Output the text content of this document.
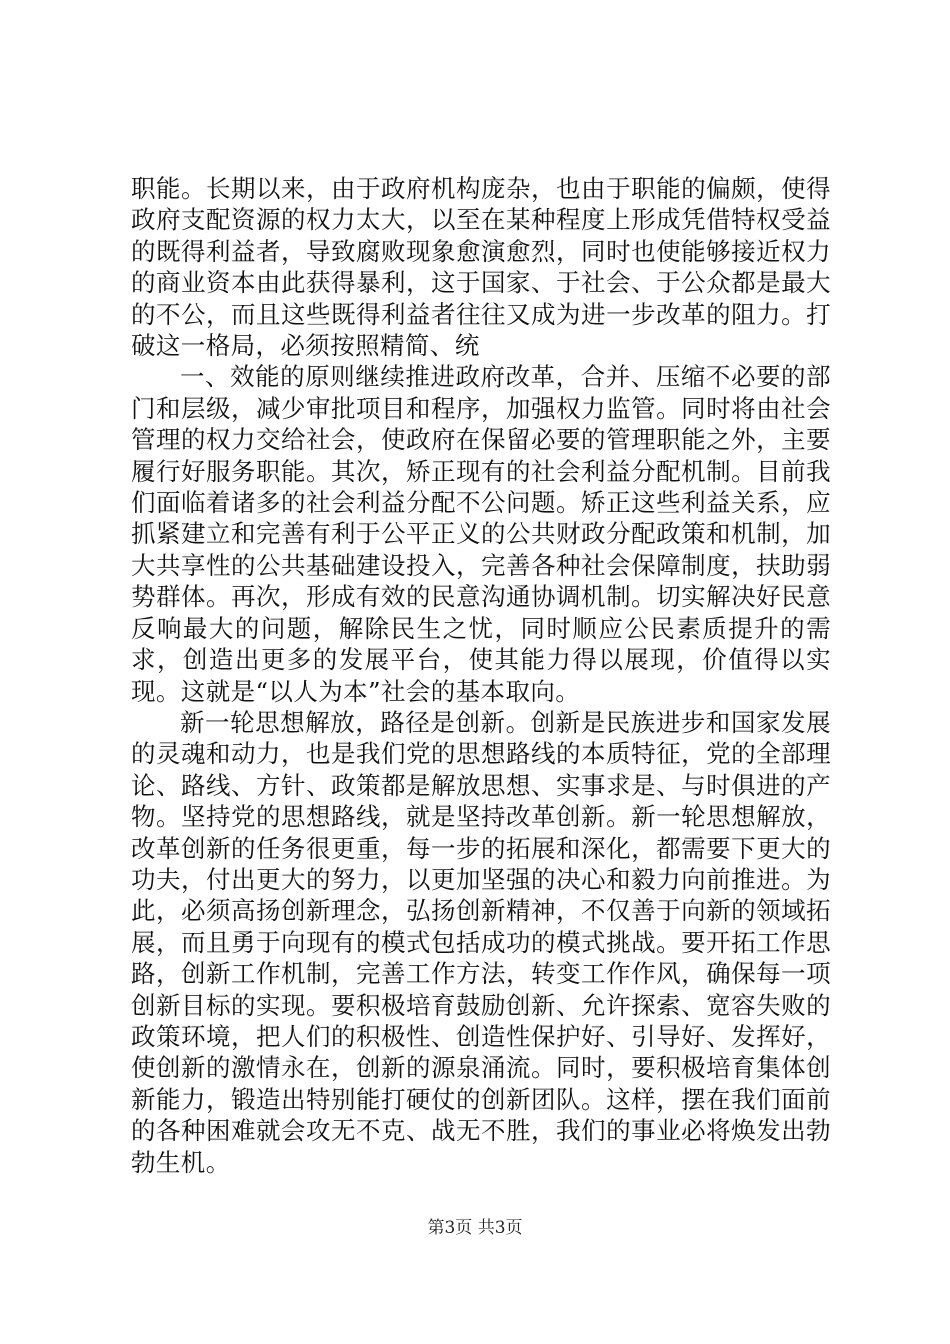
职能。长期以来，由于政府机构庞杂，也由于职能的偏颇，使得政府支配资源的权力太大，以至在某种程度上形成凭借特权受益的既得利益者，导致腐败现象愈演愈烈，同时也使能够接近权力的商业资本由此获得暴利，这于国家、于社会、于公众都是最大的不公，而且这些既得利益者往往又成为进一步改革的阻力。打破这一格局，必须按照精简、统

一、效能的原则继续推进政府改革，合并、压缩不必要的部门和层级，减少审批项目和程序，加强权力监管。同时将由社会管理的权力交给社会，使政府在保留必要的管理职能之外，主要履行好服务职能。其次，矫正现有的社会利益分配机制。目前我们面临着诸多的社会利益分配不公问题。矫正这些利益关系，应抓紧建立和完善有利于公平正义的公共财政分配政策和机制，加大共享性的公共基础建设投入，完善各种社会保障制度，扶助弱势群体。再次，形成有效的民意沟通协调机制。切实解决好民意反响最大的问题，解除民生之忧，同时顺应公民素质提升的需求，创造出更多的发展平台，使其能力得以展现，价值得以实现。这就是“以人为本”社会的基本取向。

新一轮思想解放，路径是创新。创新是民族进步和国家发展的灵魂和动力，也是我们党的思想路线的本质特征，党的全部理论、路线、方针、政策都是解放思想、实事求是、与时俱进的产物。坚持党的思想路线，就是坚持改革创新。新一轮思想解放，改革创新的任务很更重，每一步的拓展和深化，都需要下更大的功夫，付出更大的努力，以更加坚强的决心和毅力向前推进。为此，必须高扬创新理念，弘扬创新精神，不仅善于向新的领域拓展，而且勇于向现有的模式包括成功的模式挑战。要开拓工作思路，创新工作机制，完善工作方法，转变工作作风，确保每一项创新目标的实现。要积极培育鼓励创新、允许探索、宽容失败的政策环境，把人们的积极性、创造性保护好、引导好、发挥好，使创新的激情永在，创新的源泉涌流。同时，要积极培育集体创新能力，锻造出特别能打硬仗的创新团队。这样，摆在我们面前的各种困难就会攻无不克、战无不胜，我们的事业必将焕发出勃勃生机。

第3页 共3页
